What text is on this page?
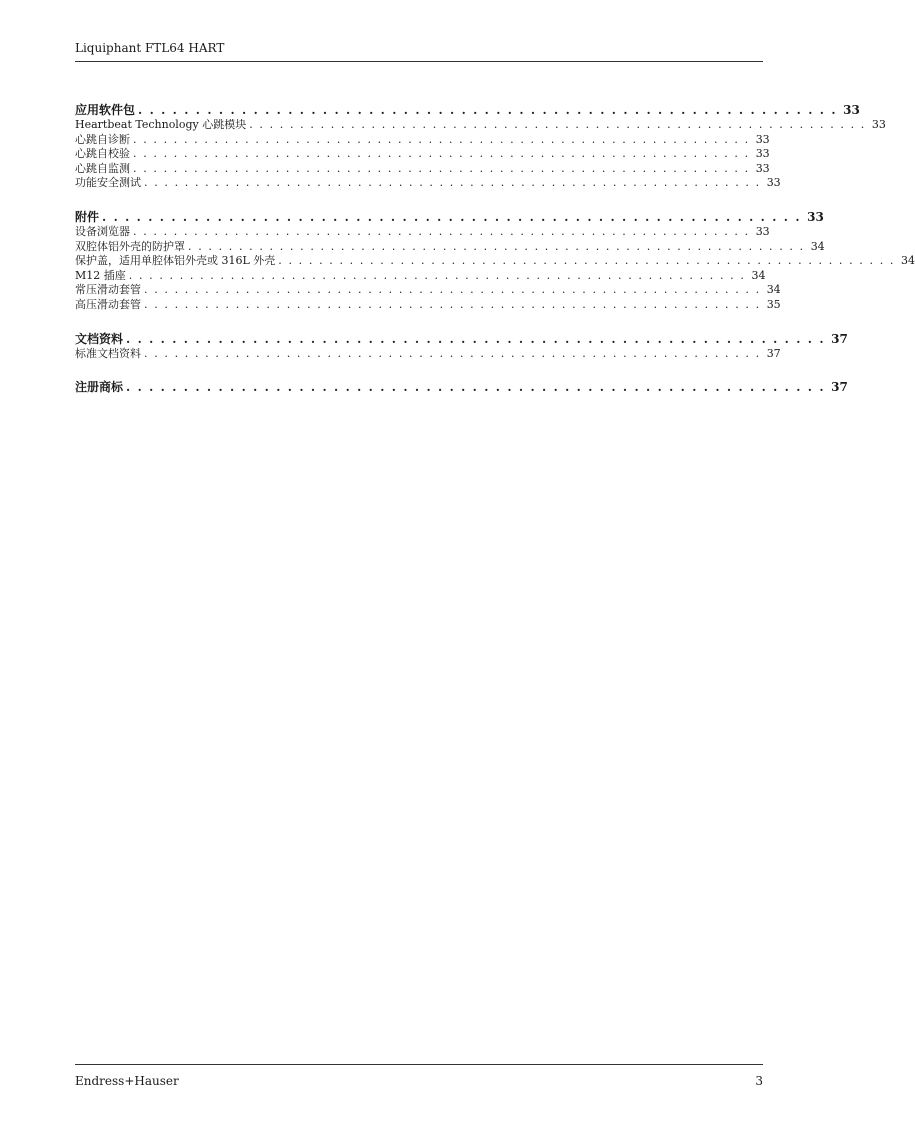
Liquiphant FTL64 HART
应用软件包 . . . . . . . . . . . . . . . . . . . . . . . . . . . . . . . . . . . . . . . . . . . . . . . . . . . . . . . . . . . . . 33
Heartbeat Technology 心跳模块 . . . . . . . . . . . . . . . . . . . . . . . . . . . . . . . . . . . . . . . . . . . . . . . . . . . . . . . . . . . . . 33
心跳自诊断 . . . . . . . . . . . . . . . . . . . . . . . . . . . . . . . . . . . . . . . . . . . . . . . . . . . . . . . . . . . . . 33
心跳自校验 . . . . . . . . . . . . . . . . . . . . . . . . . . . . . . . . . . . . . . . . . . . . . . . . . . . . . . . . . . . . . 33
心跳自监测 . . . . . . . . . . . . . . . . . . . . . . . . . . . . . . . . . . . . . . . . . . . . . . . . . . . . . . . . . . . . . 33
功能安全测试 . . . . . . . . . . . . . . . . . . . . . . . . . . . . . . . . . . . . . . . . . . . . . . . . . . . . . . . . . . . . . 33
附件 . . . . . . . . . . . . . . . . . . . . . . . . . . . . . . . . . . . . . . . . . . . . . . . . . . . . . . . . . . . . . 33
设备浏览器 . . . . . . . . . . . . . . . . . . . . . . . . . . . . . . . . . . . . . . . . . . . . . . . . . . . . . . . . . . . . . 33
双腔体铝外壳的防护罩 . . . . . . . . . . . . . . . . . . . . . . . . . . . . . . . . . . . . . . . . . . . . . . . . . . . . . . . . . . . . . 34
保护盖，适用单腔体铝外壳或 316L 外壳 . . . . . . . . . . . . . . . . . . . . . . . . . . . . . . . . . . . . . . . . . . . . . . . . . . . . . . . . . . . . . 34
M12 插座 . . . . . . . . . . . . . . . . . . . . . . . . . . . . . . . . . . . . . . . . . . . . . . . . . . . . . . . . . . . . . 34
常压滑动套管 . . . . . . . . . . . . . . . . . . . . . . . . . . . . . . . . . . . . . . . . . . . . . . . . . . . . . . . . . . . . . 34
高压滑动套管 . . . . . . . . . . . . . . . . . . . . . . . . . . . . . . . . . . . . . . . . . . . . . . . . . . . . . . . . . . . . . 35
文档资料 . . . . . . . . . . . . . . . . . . . . . . . . . . . . . . . . . . . . . . . . . . . . . . . . . . . . . . . . . . . . . 37
标准文档资料 . . . . . . . . . . . . . . . . . . . . . . . . . . . . . . . . . . . . . . . . . . . . . . . . . . . . . . . . . . . . . 37
注册商标 . . . . . . . . . . . . . . . . . . . . . . . . . . . . . . . . . . . . . . . . . . . . . . . . . . . . . . . . . . . . . 37
Endress+Hauser	3
